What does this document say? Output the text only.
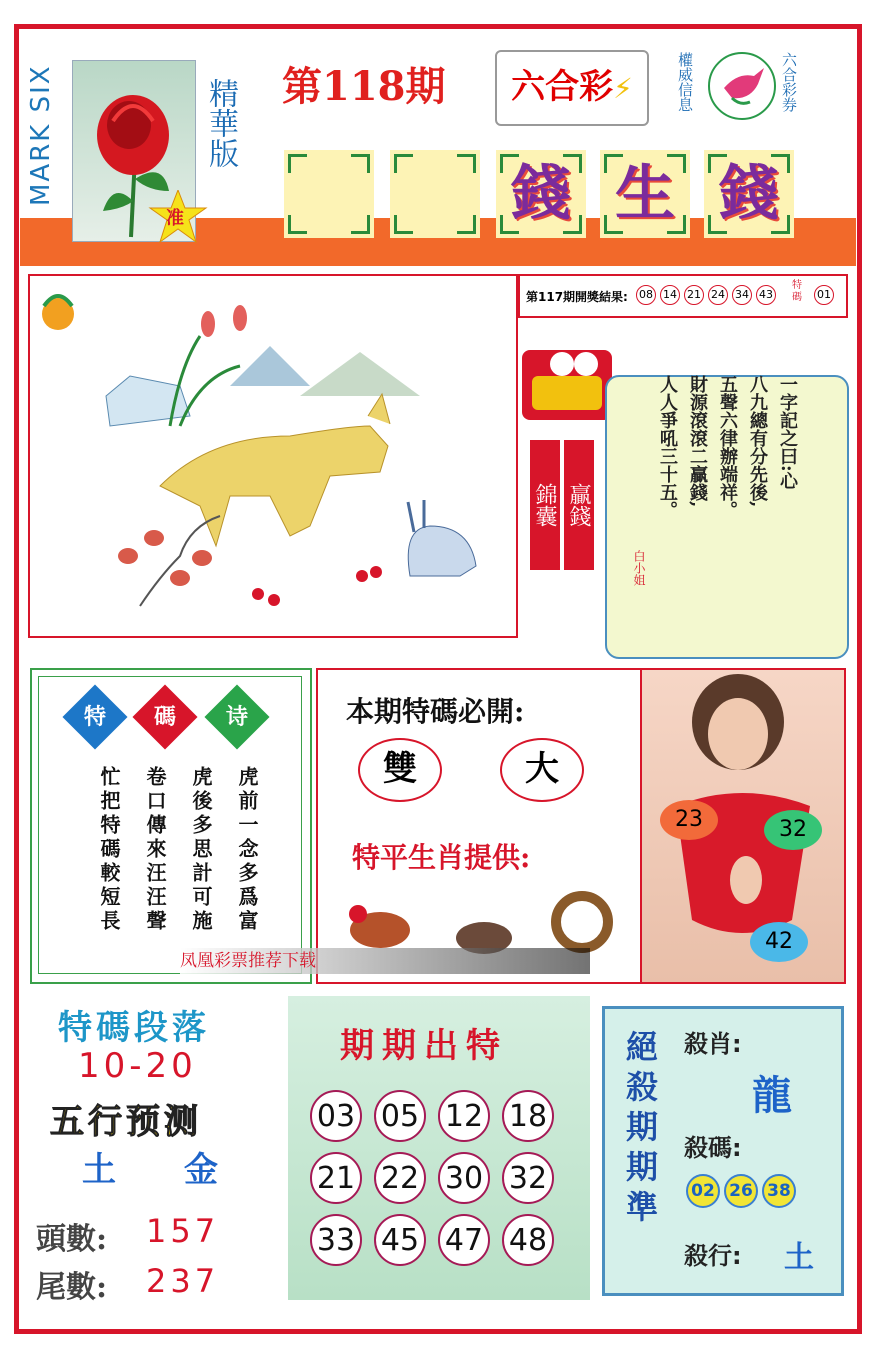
MARK SIX
准
精華版 第118期	六合彩⚡	權威信息	六合彩券
錢 生 錢
第117期開獎結果: 08 14 21 24 34 43
特碼 01
錦囊 贏錢
一字記之曰:心
八九總有分先後,
五聲六律辦端祥。
財源滾滾二贏錢,
人人爭吼三十五。
白小姐
特	碼	诗
虎前一念多爲富
虎後多思計可施
卷口傳來汪汪聲
忙把特碼較短長
本期特碼必開:
雙	大
特平生肖提供:
凤凰彩票推荐下载
23	32
42
特碼段落
10-20
五行预测
土 金
頭數: 157
尾數: 237
期期出特
03 05 12 18
21 22 30 32
33 45 47 48
絕殺期期準 殺肖:
龍
殺碼:
02 26 38
殺行: 土
